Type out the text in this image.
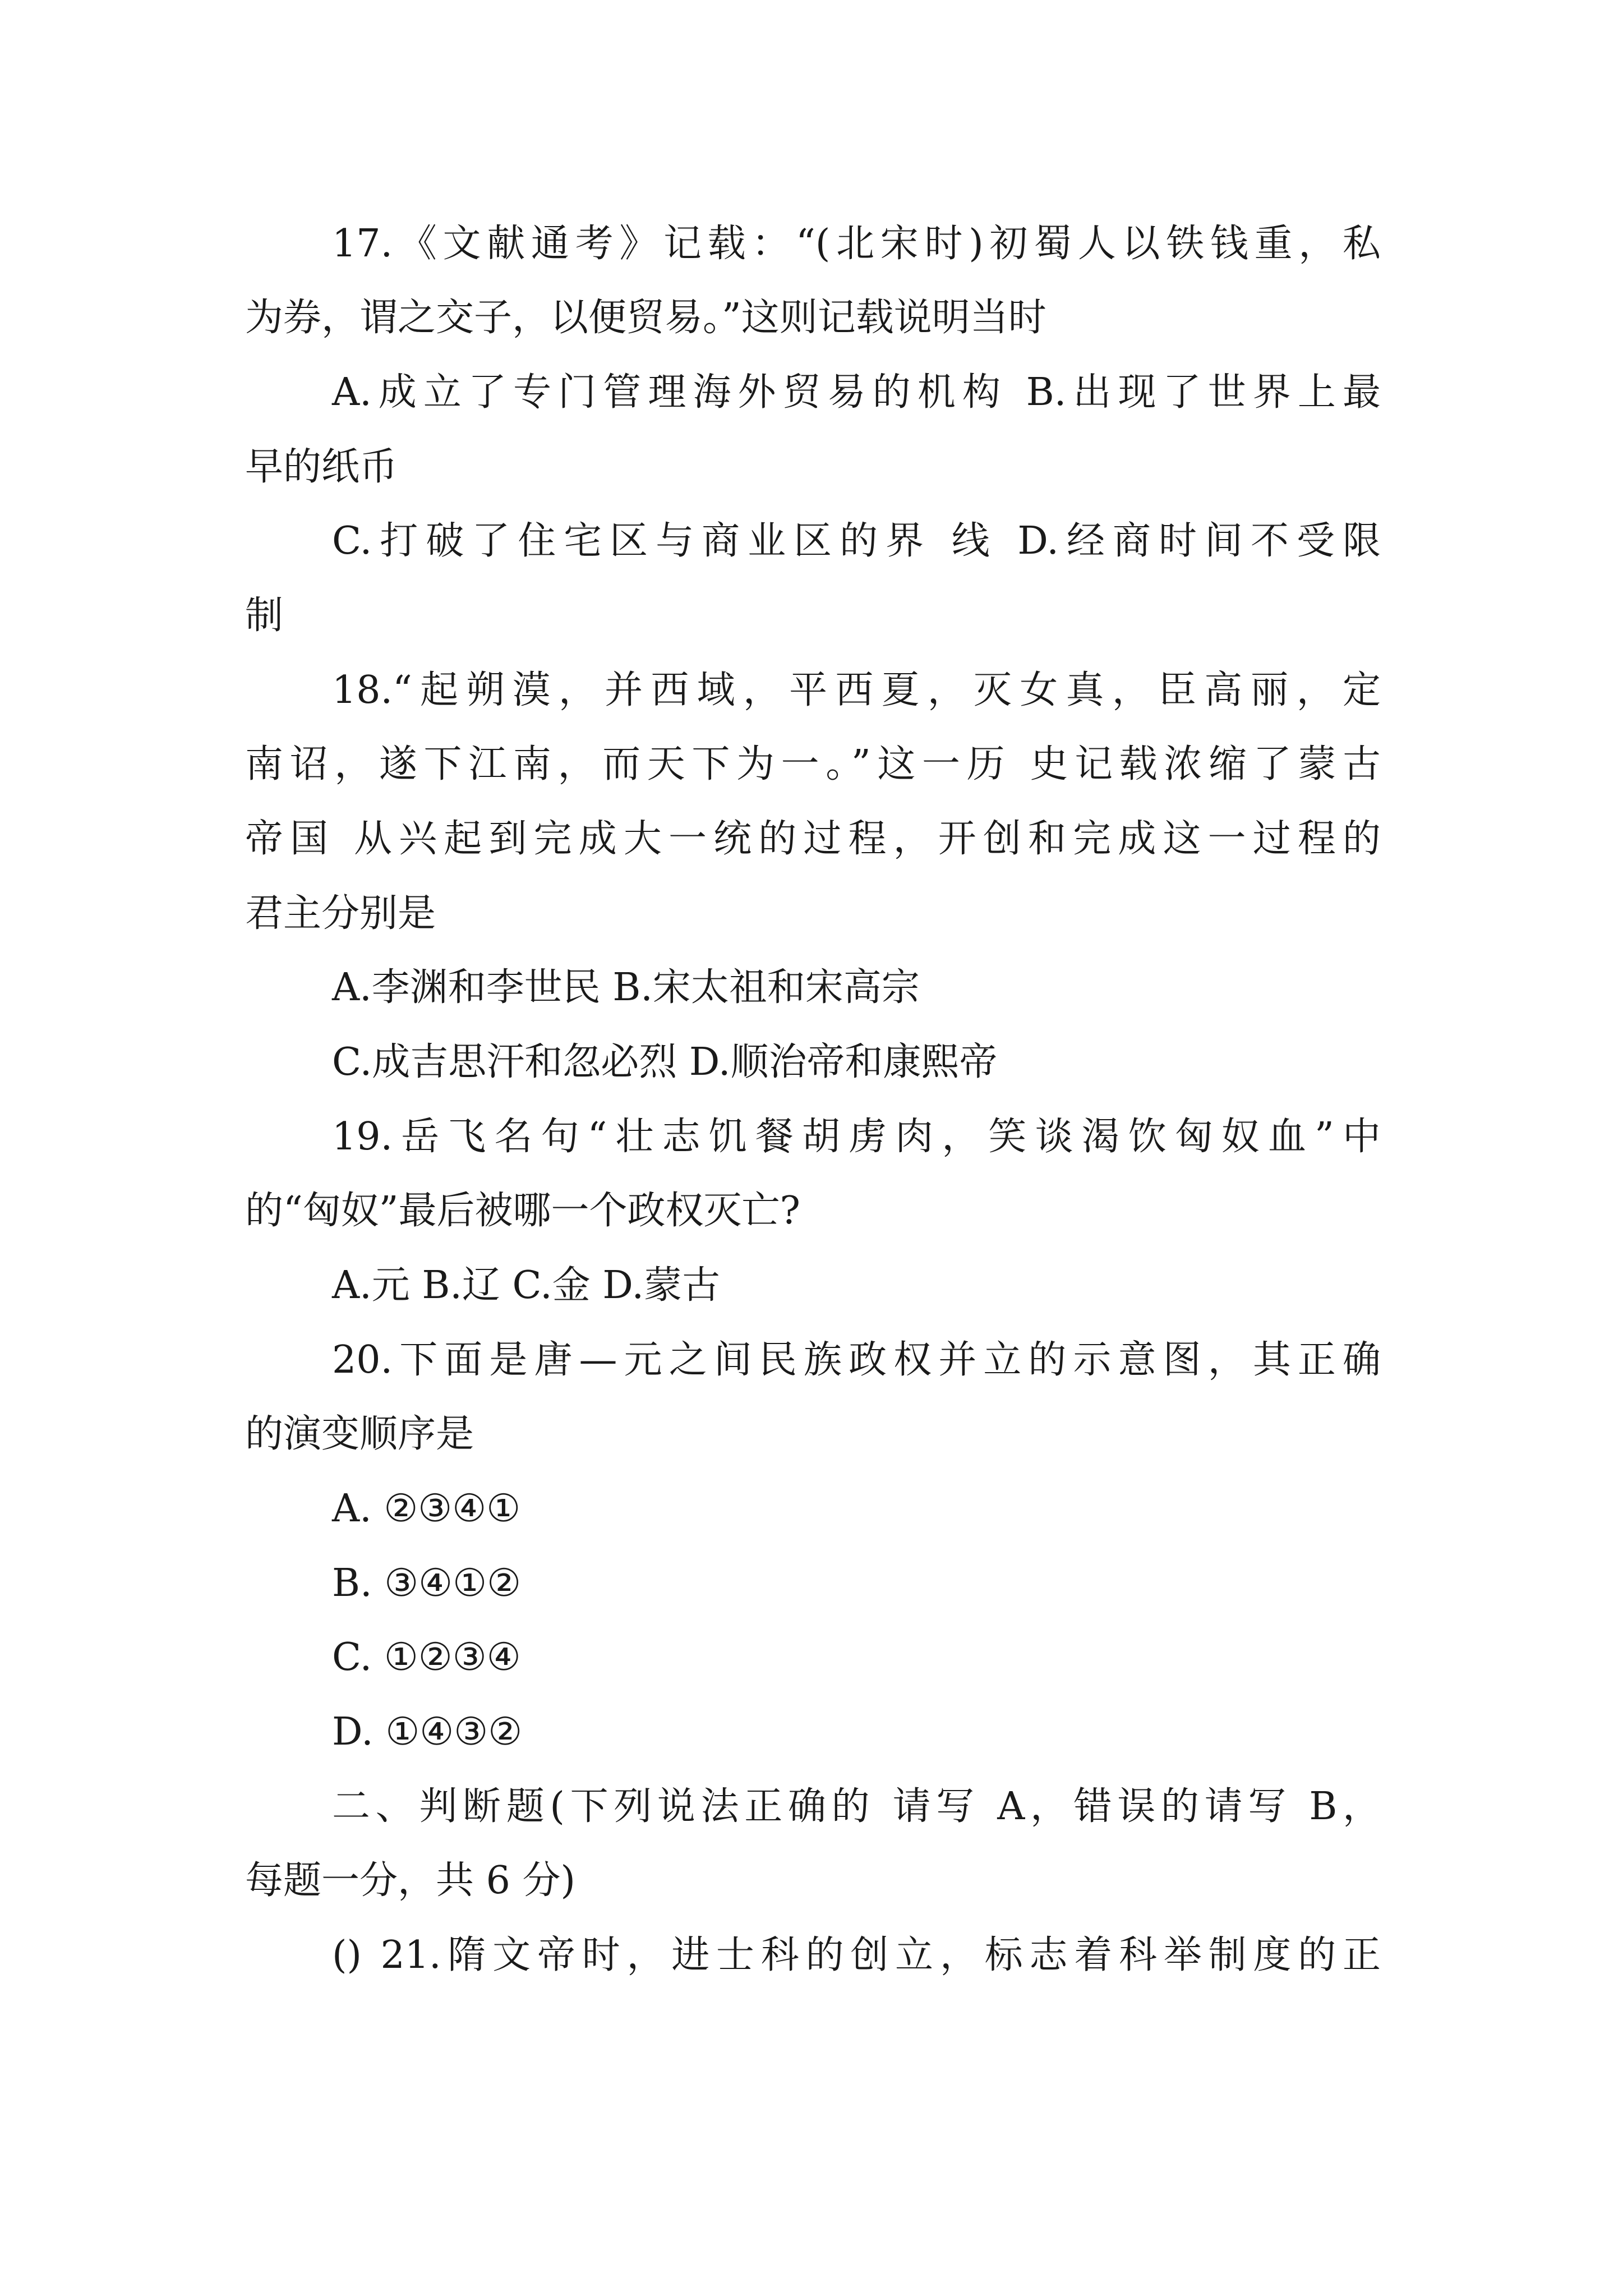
17.《文献通考》记载：“(北宋时)初蜀人以铁钱重，私
为券，谓之交子，以便贸易。”这则记载说明当时
A.成立了专门管理海外贸易的机构 B.出现了世界上最
早的纸币
C.打破了住宅区与商业区的界 线 D.经商时间不受限
制
18.“起朔漠，并西域，平西夏，灭女真，臣高丽，定
南诏，遂下江南，而天下为一。”这一历 史记载浓缩了蒙古
帝国 从兴起到完成大一统的过程，开创和完成这一过程的
君主分别是
A.李渊和李世民 B.宋太祖和宋高宗
C.成吉思汗和忽必烈 D.顺治帝和康熙帝
19.岳飞名句“壮志饥餐胡虏肉，笑谈渴饮匈奴血”中
的“匈奴”最后被哪一个政权灭亡?
A.元 B.辽 C.金 D.蒙古
20.下面是唐—元之间民族政权并立的示意图，其正确
的演变顺序是
A. ②③④①
B. ③④①②
C. ①②③④
D. ①④③②
二、判断题(下列说法正确的 请写 A，错误的请写 B，
每题一分，共 6 分)
() 21.隋文帝时，进士科的创立，标志着科举制度的正
